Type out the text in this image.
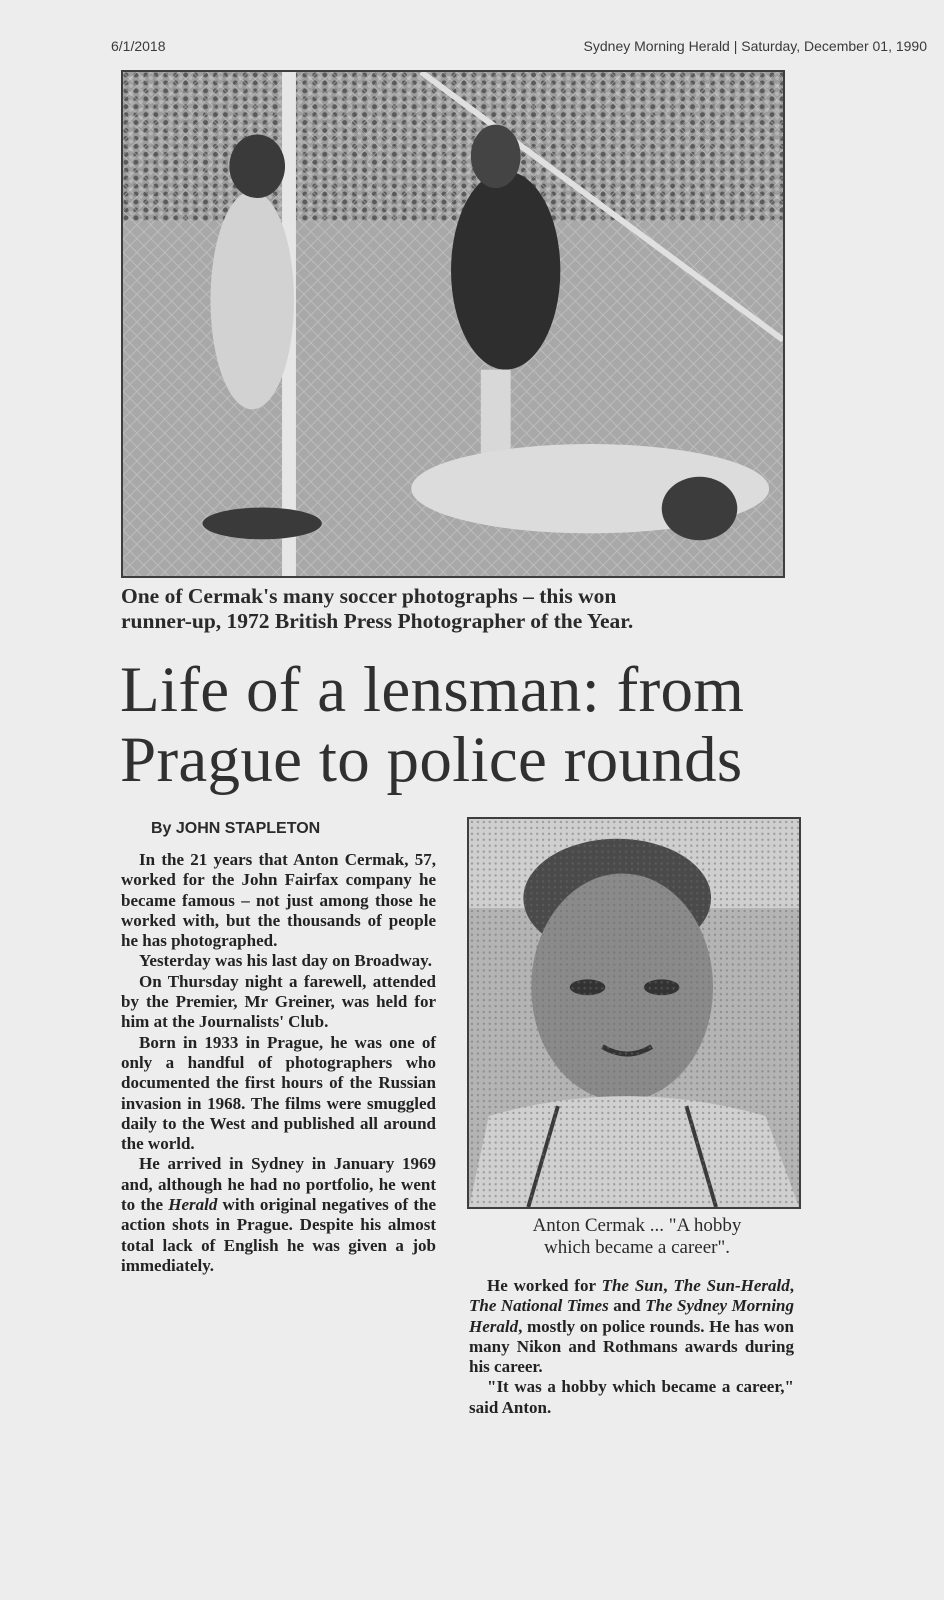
6/1/2018	Sydney Morning Herald | Saturday, December 01, 1990
One of Cermak's many soccer photographs – this won
runner-up, 1972 British Press Photographer of the Year.
Life of a lensman: from
Prague to police rounds
By JOHN STAPLETON

In the 21 years that Anton Cermak, 57, worked for the John Fairfax company he became famous – not just among those he worked with, but the thousands of people he has photographed.

Yesterday was his last day on Broadway.

On Thursday night a farewell, attended by the Premier, Mr Greiner, was held for him at the Journalists' Club.

Born in 1933 in Prague, he was one of only a handful of photographers who documented the first hours of the Russian invasion in 1968. The films were smuggled daily to the West and published all around the world.

He arrived in Sydney in January 1969 and, although he had no portfolio, he went to the Herald with original negatives of the action shots in Prague. Despite his almost total lack of English he was given a job immediately.

Anton Cermak ... "A hobby
which became a career".

He worked for The Sun, The Sun-Herald, The National Times and The Sydney Morning Herald, mostly on police rounds. He has won many Nikon and Rothmans awards during his career.

"It was a hobby which became a career," said Anton.
